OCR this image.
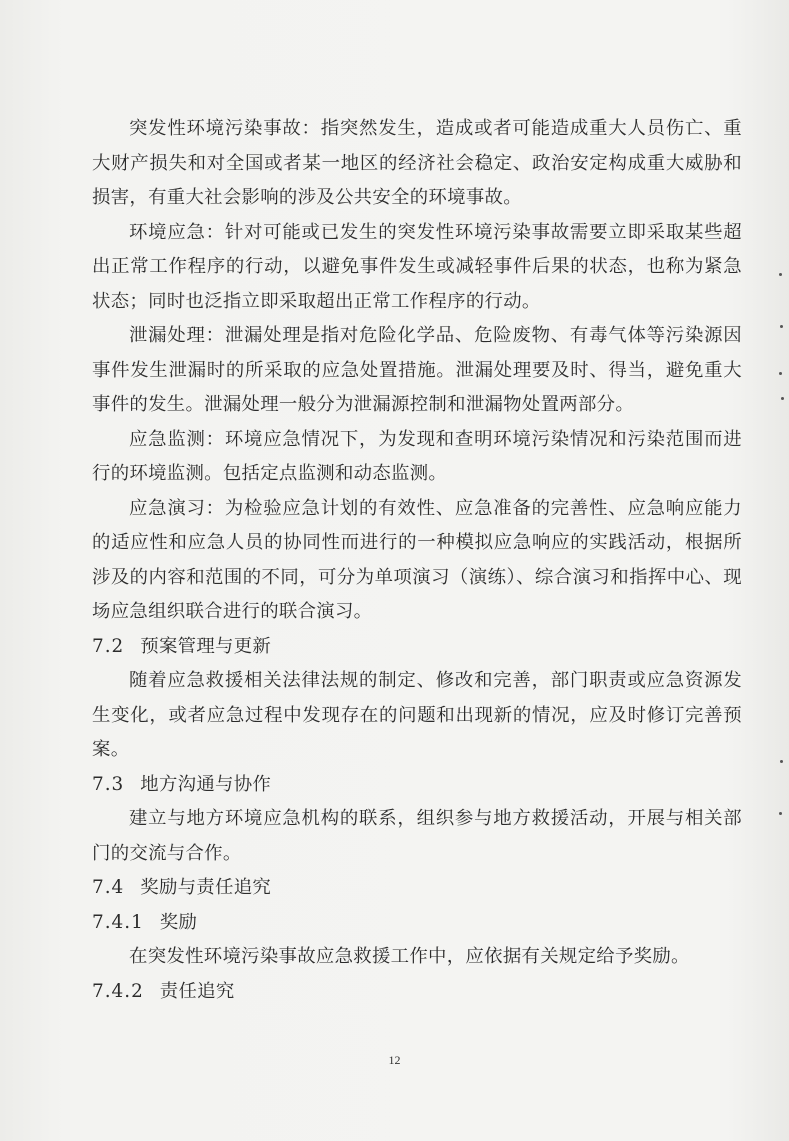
突发性环境污染事故：指突然发生，造成或者可能造成重大人员伤亡、重大财产损失和对全国或者某一地区的经济社会稳定、政治安定构成重大威胁和损害，有重大社会影响的涉及公共安全的环境事故。

环境应急：针对可能或已发生的突发性环境污染事故需要立即采取某些超出正常工作程序的行动，以避免事件发生或减轻事件后果的状态，也称为紧急状态；同时也泛指立即采取超出正常工作程序的行动。

泄漏处理：泄漏处理是指对危险化学品、危险废物、有毒气体等污染源因事件发生泄漏时的所采取的应急处置措施。泄漏处理要及时、得当，避免重大事件的发生。泄漏处理一般分为泄漏源控制和泄漏物处置两部分。

应急监测：环境应急情况下，为发现和查明环境污染情况和污染范围而进行的环境监测。包括定点监测和动态监测。

应急演习：为检验应急计划的有效性、应急准备的完善性、应急响应能力的适应性和应急人员的协同性而进行的一种模拟应急响应的实践活动，根据所涉及的内容和范围的不同，可分为单项演习（演练）、综合演习和指挥中心、现场应急组织联合进行的联合演习。

7.2 预案管理与更新

随着应急救援相关法律法规的制定、修改和完善，部门职责或应急资源发生变化，或者应急过程中发现存在的问题和出现新的情况，应及时修订完善预案。

7.3 地方沟通与协作

建立与地方环境应急机构的联系，组织参与地方救援活动，开展与相关部门的交流与合作。

7.4 奖励与责任追究

7.4.1 奖励

在突发性环境污染事故应急救援工作中，应依据有关规定给予奖励。

7.4.2 责任追究

12
